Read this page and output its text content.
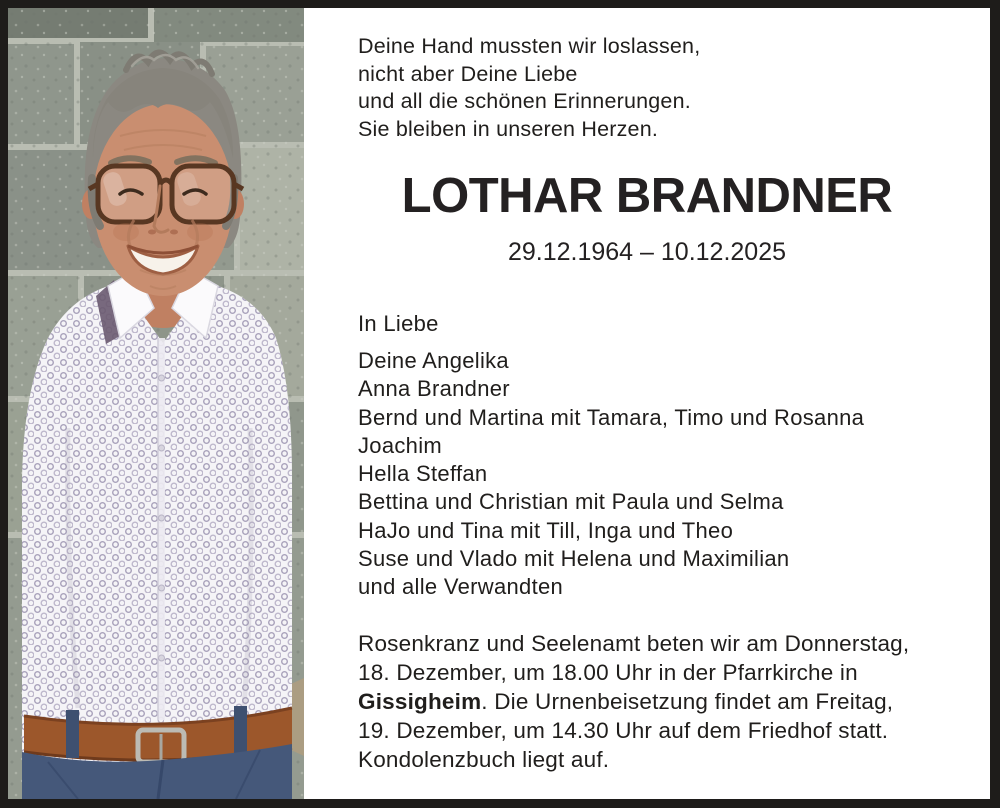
Deine Hand mussten wir loslassen,
nicht aber Deine Liebe
und all die schönen Erinnerungen.
Sie bleiben in unseren Herzen.
LOTHAR BRANDNER
29.12.1964 – 10.12.2025
In Liebe
Deine Angelika
Anna Brandner
Bernd und Martina mit Tamara, Timo und Rosanna
Joachim
Hella Steffan
Bettina und Christian mit Paula und Selma
HaJo und Tina mit Till, Inga und Theo
Suse und Vlado mit Helena und Maximilian
und alle Verwandten
Rosenkranz und Seelenamt beten wir am Donnerstag,
18. Dezember, um 18.00 Uhr in der Pfarrkirche in
Gissigheim. Die Urnenbeisetzung findet am Freitag,
19. Dezember, um 14.30 Uhr auf dem Friedhof statt.
Kondolenzbuch liegt auf.
